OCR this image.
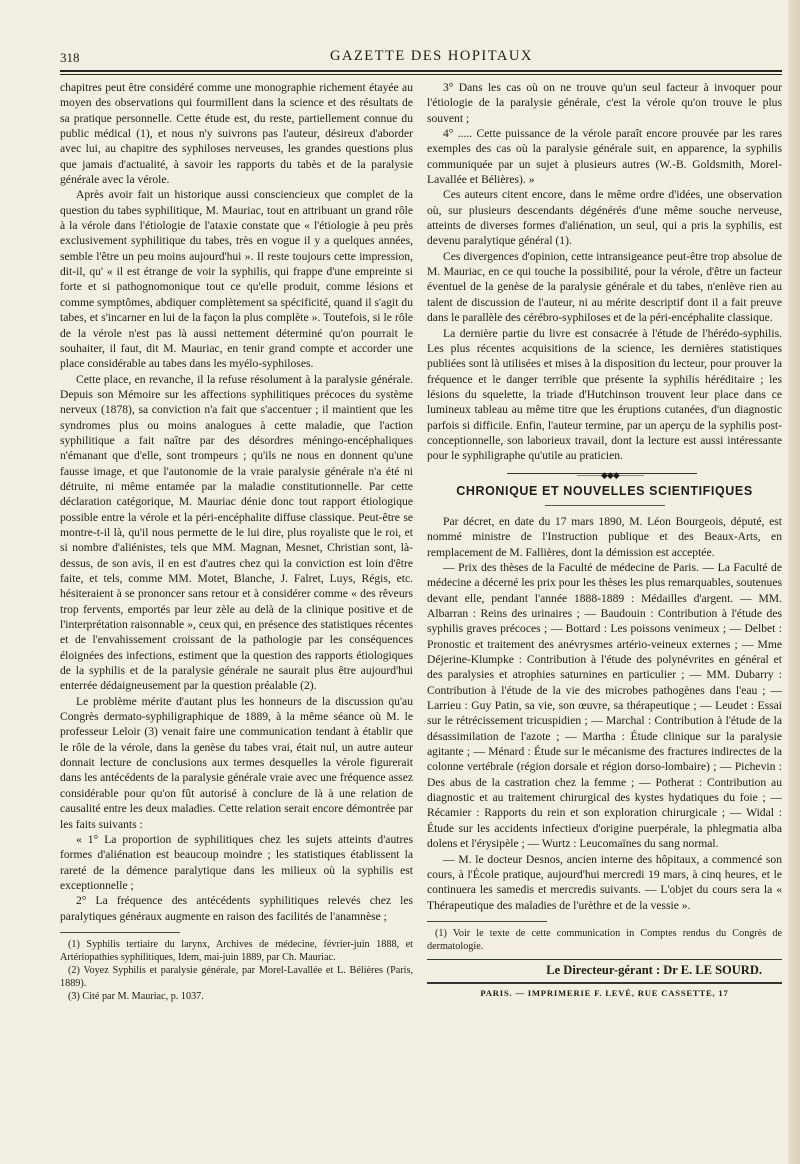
318	GAZETTE DES HOPITAUX

chapitres peut être considéré comme une monographie richement étayée au moyen des observations qui fourmillent dans la science et des résultats de sa pratique personnelle. Cette étude est, du reste, partiellement connue du public médical (1), et nous n'y suivrons pas l'auteur, désireux d'aborder avec lui, au chapitre des syphiloses nerveuses, les grandes questions plus que jamais d'actualité, à savoir les rapports du tabès et de la paralysie générale avec la vérole.

Après avoir fait un historique aussi consciencieux que complet de la question du tabes syphilitique, M. Mauriac, tout en attribuant un grand rôle à la vérole dans l'étiologie de l'ataxie constate que « l'étiologie à peu près exclusivement syphilitique du tabes, très en vogue il y a quelques années, semble l'être un peu moins aujourd'hui ». Il reste toujours cette impression, dit-il, qu' « il est étrange de voir la syphilis, qui frappe d'une empreinte si forte et si pathognomonique tout ce qu'elle produit, comme lésions et comme symptômes, abdiquer complètement sa spécificité, quand il s'agit du tabes, et s'incarner en lui de la façon la plus complète ». Toutefois, si le rôle de la vérole n'est pas là aussi nettement déterminé qu'on pourrait le souhaiter, il faut, dit M. Mauriac, en tenir grand compte et accorder une place considérable au tabes dans les myélo-syphiloses.

Cette place, en revanche, il la refuse résolument à la paralysie générale. Depuis son Mémoire sur les affections syphilitiques précoces du système nerveux (1878), sa conviction n'a fait que s'accentuer ; il maintient que les syndromes plus ou moins analogues à cette maladie, que l'action syphilitique a fait naître par des désordres méningo-encéphaliques n'émanant que d'elle, sont trompeurs ; qu'ils ne nous en donnent qu'une fausse image, et que l'autonomie de la vraie paralysie générale n'a été ni détruite, ni même entamée par la maladie constitutionnelle. Par cette déclaration catégorique, M. Mauriac dénie donc tout rapport étiologique possible entre la vérole et la péri-encéphalite diffuse classique. Peut-être se montre-t-il là, qu'il nous permette de le lui dire, plus royaliste que le roi, et si nombre d'aliénistes, tels que MM. Magnan, Mesnet, Christian sont, là-dessus, de son avis, il en est d'autres chez qui la conviction est loin d'être faite, et tels, comme MM. Motet, Blanche, J. Falret, Luys, Régis, etc. hésiteraient à se prononcer sans retour et à considérer comme « des rêveurs trop fervents, emportés par leur zèle au delà de la clinique positive et de l'interprétation raisonnable », ceux qui, en présence des statistiques récentes et de l'envahissement croissant de la pathologie par les conséquences éloignées des infections, estiment que la question des rapports étiologiques de la syphilis et de la paralysie générale ne saurait plus être aujourd'hui enterrée dédaigneusement par la question préalable (2).

Le problème mérite d'autant plus les honneurs de la discussion qu'au Congrès dermato-syphiligraphique de 1889, à la même séance où M. le professeur Leloir (3) venait faire une communication tendant à établir que le rôle de la vérole, dans la genèse du tabes vrai, était nul, un autre auteur donnait lecture de conclusions aux termes desquelles la vérole figurerait dans les antécédents de la paralysie générale vraie avec une fréquence assez considérable pour qu'on fût autorisé à conclure de là à une relation de causalité entre les deux maladies. Cette relation serait encore démontrée par les faits suivants :

« 1° La proportion de syphilitiques chez les sujets atteints d'autres formes d'aliénation est beaucoup moindre ; les statistiques établissent la rareté de la démence paralytique dans les milieux où la syphilis est exceptionnelle ;

2° La fréquence des antécédents syphilitiques relevés chez les paralytiques généraux augmente en raison des facilités de l'anamnèse ;

(1) Syphilis tertiaire du larynx, Archives de médecine, février-juin 1888, et Artériopathies syphilitiques, Idem, mai-juin 1889, par Ch. Mauriac.
(2) Voyez Syphilis et paralysie générale, par Morel-Lavallée et L. Bélières (Paris, 1889).
(3) Cité par M. Mauriac, p. 1037.

3° Dans les cas où on ne trouve qu'un seul facteur à invoquer pour l'étiologie de la paralysie générale, c'est la vérole qu'on trouve le plus souvent ;

4° ..... Cette puissance de la vérole paraît encore prouvée par les rares exemples des cas où la paralysie générale suit, en apparence, la syphilis communiquée par un sujet à plusieurs autres (W.-B. Goldsmith, Morel-Lavallée et Bélières). »

Ces auteurs citent encore, dans le même ordre d'idées, une observation où, sur plusieurs descendants dégénérés d'une même souche nerveuse, atteints de diverses formes d'aliénation, un seul, qui a pris la syphilis, est devenu paralytique général (1).

Ces divergences d'opinion, cette intransigeance peut-être trop absolue de M. Mauriac, en ce qui touche la possibilité, pour la vérole, d'être un facteur éventuel de la genèse de la paralysie générale et du tabes, n'enlève rien au talent de discussion de l'auteur, ni au mérite descriptif dont il a fait preuve dans le parallèle des cérébro-syphiloses et de la péri-encéphalite classique.

La dernière partie du livre est consacrée à l'étude de l'hérédo-syphilis. Les plus récentes acquisitions de la science, les dernières statistiques publiées sont là utilisées et mises à la disposition du lecteur, pour prouver la fréquence et le danger terrible que présente la syphilis héréditaire ; les lésions du squelette, la triade d'Hutchinson trouvent leur place dans ce lumineux tableau au même titre que les éruptions cutanées, d'un diagnostic parfois si difficile. Enfin, l'auteur termine, par un aperçu de la syphilis post-conceptionnelle, son laborieux travail, dont la lecture est aussi intéressante pour le syphiligraphe qu'utile au praticien.

———◆◆◆———
CHRONIQUE ET NOUVELLES SCIENTIFIQUES

Par décret, en date du 17 mars 1890, M. Léon Bourgeois, député, est nommé ministre de l'Instruction publique et des Beaux-Arts, en remplacement de M. Fallières, dont la démission est acceptée.

— Prix des thèses de la Faculté de médecine de Paris. — La Faculté de médecine a décerné les prix pour les thèses les plus remarquables, soutenues devant elle, pendant l'année 1888-1889 : Médailles d'argent. — MM. Albarran : Reins des urinaires ; — Baudouin : Contribution à l'étude des syphilis graves précoces ; — Bottard : Les poissons venimeux ; — Delbet : Pronostic et traitement des anévrysmes artério-veineux externes ; — Mme Déjerine-Klumpke : Contribution à l'étude des polynévrites en général et des paralysies et atrophies saturnines en particulier ; — MM. Dubarry : Contribution à l'étude de la vie des microbes pathogènes dans l'eau ; — Larrieu : Guy Patin, sa vie, son œuvre, sa thérapeutique ; — Leudet : Essai sur le rétrécissement tricuspidien ; — Marchal : Contribution à l'étude de la désassimilation de l'azote ; — Martha : Étude clinique sur la paralysie agitante ; — Ménard : Étude sur le mécanisme des fractures indirectes de la colonne vertébrale (région dorsale et région dorso-lombaire) ; — Pichevin : Des abus de la castration chez la femme ; — Potherat : Contribution au diagnostic et au traitement chirurgical des kystes hydatiques du foie ; — Récamier : Rapports du rein et son exploration chirurgicale ; — Widal : Étude sur les accidents infectieux d'origine puerpérale, la phlegmatia alba dolens et l'érysipèle ; — Wurtz : Leucomaïnes du sang normal.

— M. le docteur Desnos, ancien interne des hôpitaux, a commencé son cours, à l'École pratique, aujourd'hui mercredi 19 mars, à cinq heures, et le continuera les samedis et mercredis suivants. — L'objet du cours sera la « Thérapeutique des maladies de l'urèthre et de la vessie ».

(1) Voir le texte de cette communication in Comptes rendus du Congrès de dermatologie.
Le Directeur-gérant : Dr E. LE SOURD.
PARIS. — IMPRIMERIE F. LEVÉ, RUE CASSETTE, 17
